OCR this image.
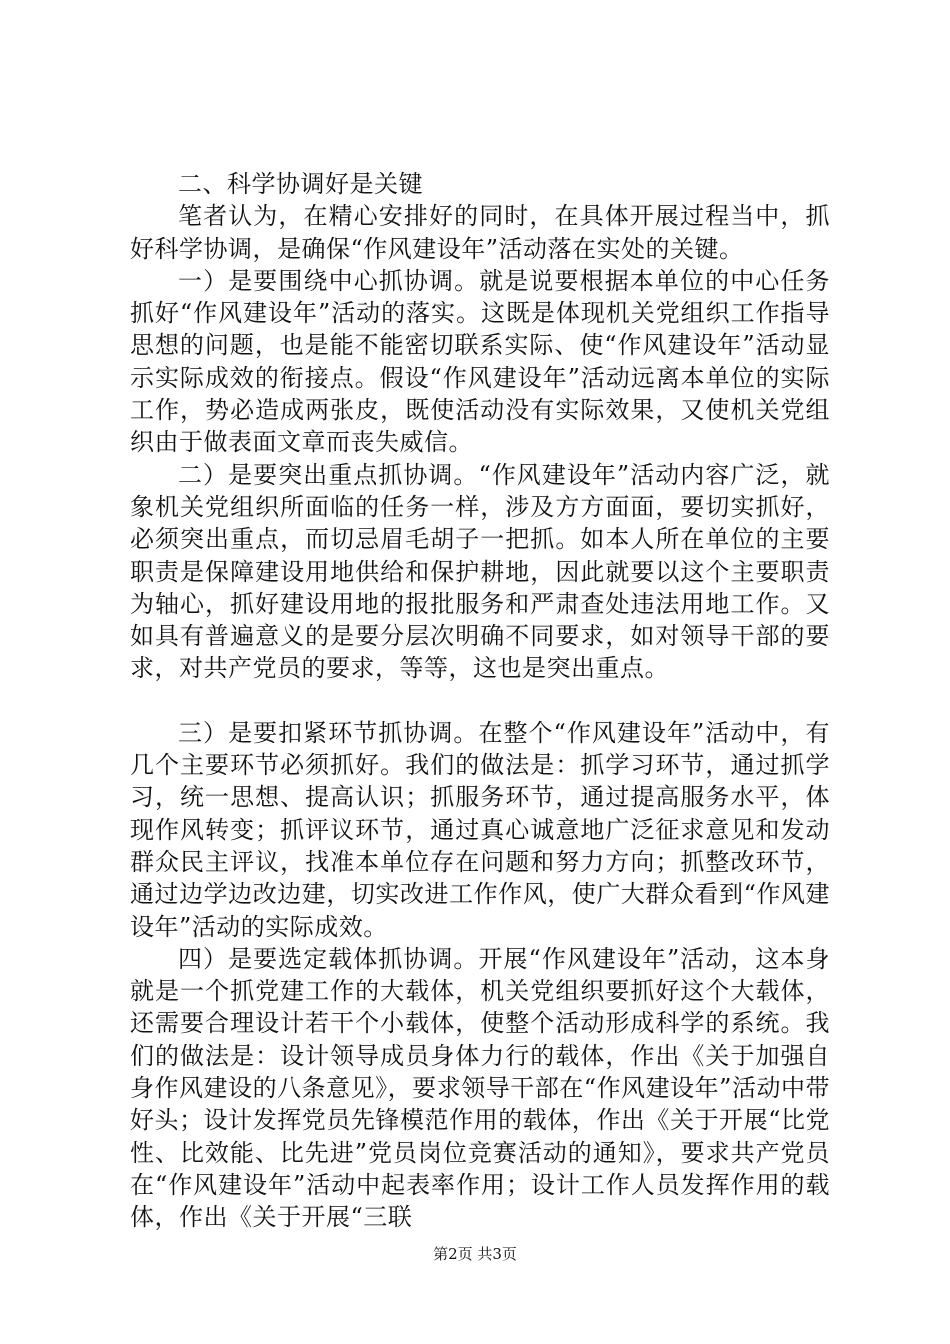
二、科学协调好是关键

笔者认为，在精心安排好的同时，在具体开展过程当中，抓好科学协调，是确保“作风建设年”活动落在实处的关键。

一）是要围绕中心抓协调。就是说要根据本单位的中心任务抓好“作风建设年”活动的落实。这既是体现机关党组织工作指导思想的问题，也是能不能密切联系实际、使“作风建设年”活动显示实际成效的衔接点。假设“作风建设年”活动远离本单位的实际工作，势必造成两张皮，既使活动没有实际效果，又使机关党组织由于做表面文章而丧失威信。

二）是要突出重点抓协调。“作风建设年”活动内容广泛，就象机关党组织所面临的任务一样，涉及方方面面，要切实抓好，必须突出重点，而切忌眉毛胡子一把抓。如本人所在单位的主要职责是保障建设用地供给和保护耕地，因此就要以这个主要职责为轴心，抓好建设用地的报批服务和严肃查处违法用地工作。又如具有普遍意义的是要分层次明确不同要求，如对领导干部的要求，对共产党员的要求，等等，这也是突出重点。

三）是要扣紧环节抓协调。在整个“作风建设年”活动中，有几个主要环节必须抓好。我们的做法是：抓学习环节，通过抓学习，统一思想、提高认识；抓服务环节，通过提高服务水平，体现作风转变；抓评议环节，通过真心诚意地广泛征求意见和发动群众民主评议，找准本单位存在问题和努力方向；抓整改环节，通过边学边改边建，切实改进工作作风，使广大群众看到“作风建设年”活动的实际成效。

四）是要选定载体抓协调。开展“作风建设年”活动，这本身就是一个抓党建工作的大载体，机关党组织要抓好这个大载体，还需要合理设计若干个小载体，使整个活动形成科学的系统。我们的做法是：设计领导成员身体力行的载体，作出《关于加强自身作风建设的八条意见》，要求领导干部在“作风建设年”活动中带好头；设计发挥党员先锋模范作用的载体，作出《关于开展“比党性、比效能、比先进”党员岗位竞赛活动的通知》，要求共产党员在“作风建设年”活动中起表率作用；设计工作人员发挥作用的载体，作出《关于开展“三联

第2页 共3页
